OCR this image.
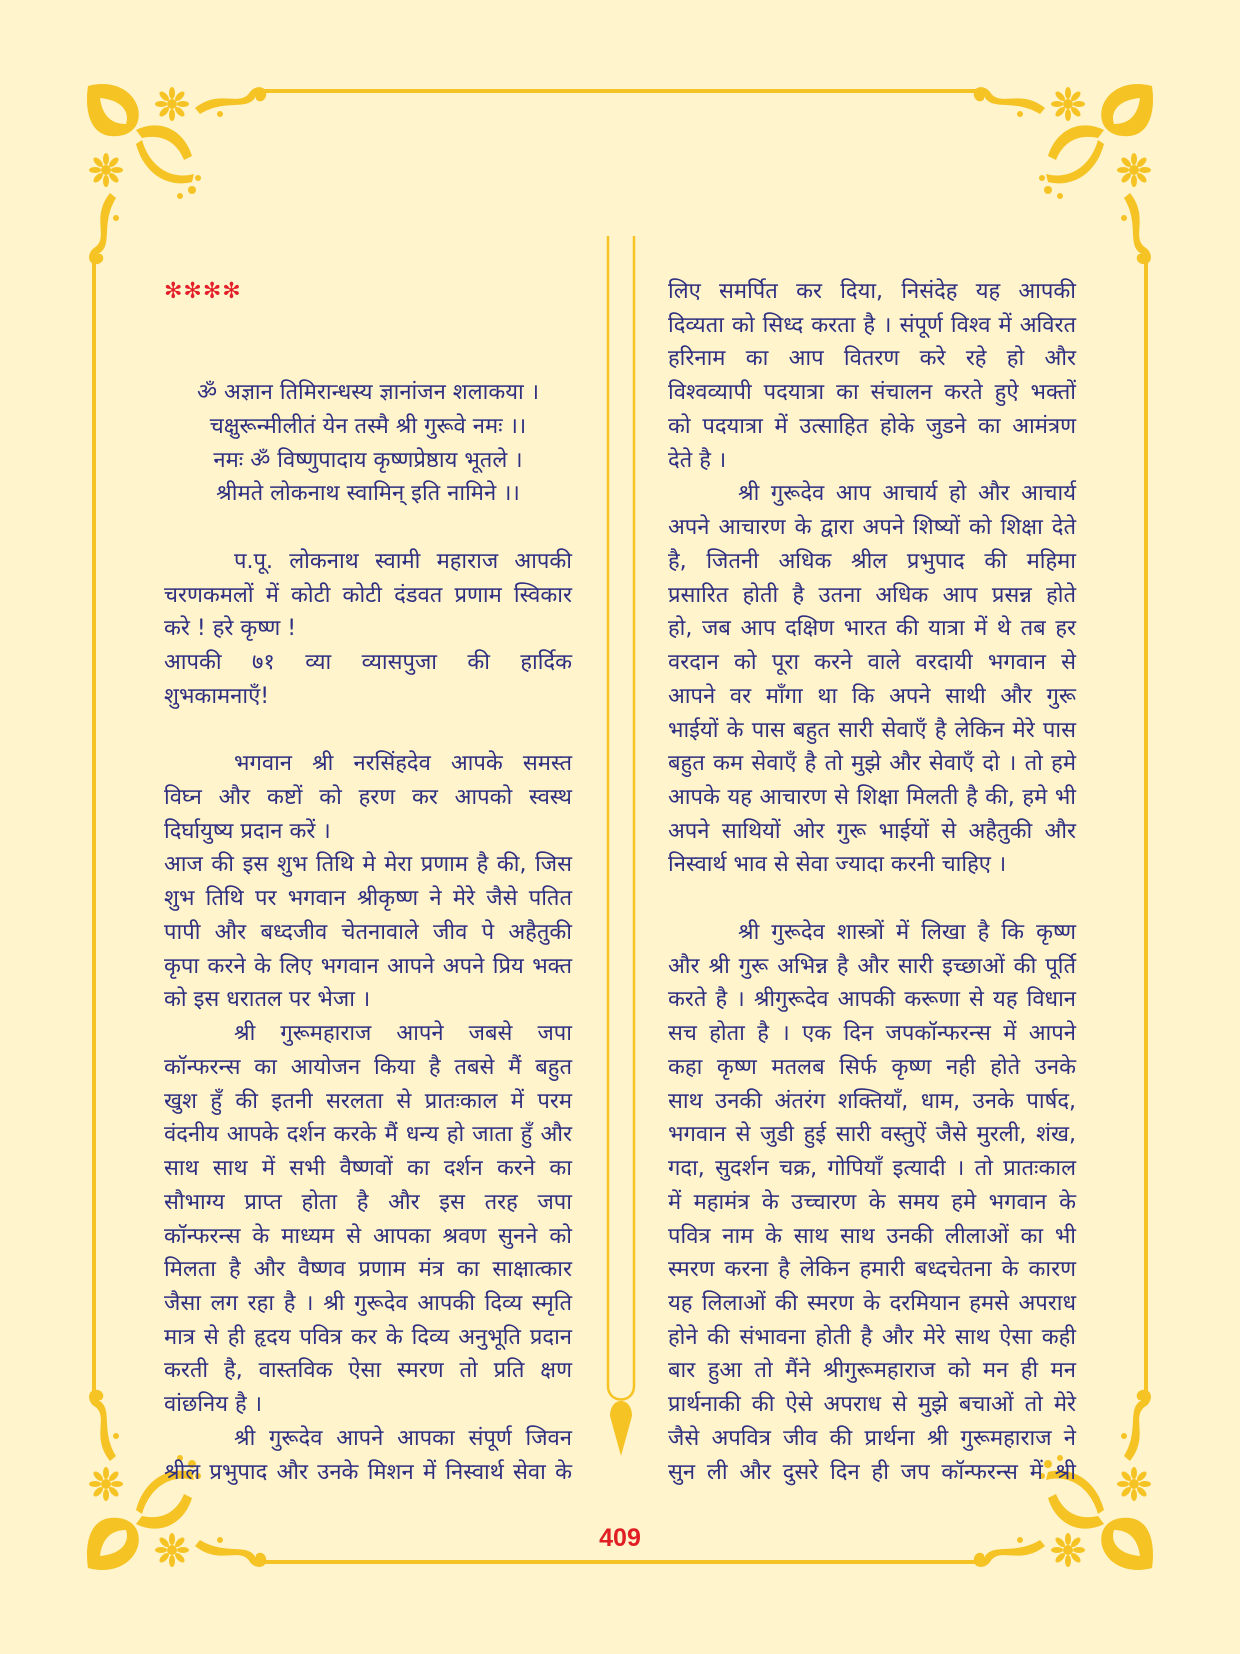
✻✻✻✻
ॐ अज्ञान तिमिरान्धस्य ज्ञानांजन शलाकया ।
चक्षुरून्मीलीतं येन तस्मै श्री गुरूवे नमः ।।
नमः ॐ विष्णुपादाय कृष्णप्रेष्ठाय भूतले ।
श्रीमते लोकनाथ स्वामिन् इति नामिने ।।
प.पू. लोकनाथ स्वामी महाराज आपकी
चरणकमलों में कोटी कोटी दंडवत प्रणाम स्विकार
करे ! हरे कृष्ण !
आपकी ७१ व्या व्यासपुजा की हार्दिक
शुभकामनाएँ!
भगवान श्री नरसिंहदेव आपके समस्त
विघ्न और कष्टों को हरण कर आपको स्वस्थ
दिर्घायुष्य प्रदान करें ।
आज की इस शुभ तिथि मे मेरा प्रणाम है की, जिस
शुभ तिथि पर भगवान श्रीकृष्ण ने मेरे जैसे पतित
पापी और बध्दजीव चेतनावाले जीव पे अहैतुकी
कृपा करने के लिए भगवान आपने अपने प्रिय भक्त
को इस धरातल पर भेजा ।
श्री गुरूमहाराज आपने जबसे जपा
कॉन्फरन्स का आयोजन किया है तबसे मैं बहुत
खुश हुँ की इतनी सरलता से प्रातःकाल में परम
वंदनीय आपके दर्शन करके मैं धन्य हो जाता हुँ और
साथ साथ में सभी वैष्णवों का दर्शन करने का
सौभाग्य प्राप्त होता है और इस तरह जपा
कॉन्फरन्स के माध्यम से आपका श्रवण सुनने को
मिलता है और वैष्णव प्रणाम मंत्र का साक्षात्कार
जैसा लग रहा है । श्री गुरूदेव आपकी दिव्य स्मृति
मात्र से ही हृदय पवित्र कर के दिव्य अनुभूति प्रदान
करती है, वास्तविक ऐसा स्मरण तो प्रति क्षण
वांछनिय है ।
श्री गुरूदेव आपने आपका संपूर्ण जिवन
श्रील प्रभुपाद और उनके मिशन में निस्वार्थ सेवा के
लिए समर्पित कर दिया, निसंदेह यह आपकी
दिव्यता को सिध्द करता है । संपूर्ण विश्व में अविरत
हरिनाम का आप वितरण करे रहे हो और
विश्वव्यापी पदयात्रा का संचालन करते हुऐ भक्तों
को पदयात्रा में उत्साहित होके जुडने का आमंत्रण
देते है ।
श्री गुरूदेव आप आचार्य हो और आचार्य
अपने आचारण के द्वारा अपने शिष्यों को शिक्षा देते
है, जितनी अधिक श्रील प्रभुपाद की महिमा
प्रसारित होती है उतना अधिक आप प्रसन्न होते
हो, जब आप दक्षिण भारत की यात्रा में थे तब हर
वरदान को पूरा करने वाले वरदायी भगवान से
आपने वर माँगा था कि अपने साथी और गुरू
भाईयों के पास बहुत सारी सेवाएँ है लेकिन मेरे पास
बहुत कम सेवाएँ है तो मुझे और सेवाएँ दो । तो हमे
आपके यह आचारण से शिक्षा मिलती है की, हमे भी
अपने साथियों ओर गुरू भाईयों से अहैतुकी और
निस्वार्थ भाव से सेवा ज्यादा करनी चाहिए ।
श्री गुरूदेव शास्त्रों में लिखा है कि कृष्ण
और श्री गुरू अभिन्न है और सारी इच्छाओं की पूर्ति
करते है । श्रीगुरूदेव आपकी करूणा से यह विधान
सच होता है । एक दिन जपकॉन्फरन्स में आपने
कहा कृष्ण मतलब सिर्फ कृष्ण नही होते उनके
साथ उनकी अंतरंग शक्तियाँ, धाम, उनके पार्षद,
भगवान से जुडी हुई सारी वस्तुऐं जैसे मुरली, शंख,
गदा, सुदर्शन चक्र, गोपियाँ इत्यादी । तो प्रातःकाल
में महामंत्र के उच्चारण के समय हमे भगवान के
पवित्र नाम के साथ साथ उनकी लीलाओं का भी
स्मरण करना है लेकिन हमारी बध्दचेतना के कारण
यह लिलाओं की स्मरण के दरमियान हमसे अपराध
होने की संभावना होती है और मेरे साथ ऐसा कही
बार हुआ तो मैंने श्रीगुरूमहाराज को मन ही मन
प्रार्थनाकी की ऐसे अपराध से मुझे बचाओं तो मेरे
जैसे अपवित्र जीव की प्रार्थना श्री गुरूमहाराज ने
सुन ली और दुसरे दिन ही जप कॉन्फरन्स में श्री
409
